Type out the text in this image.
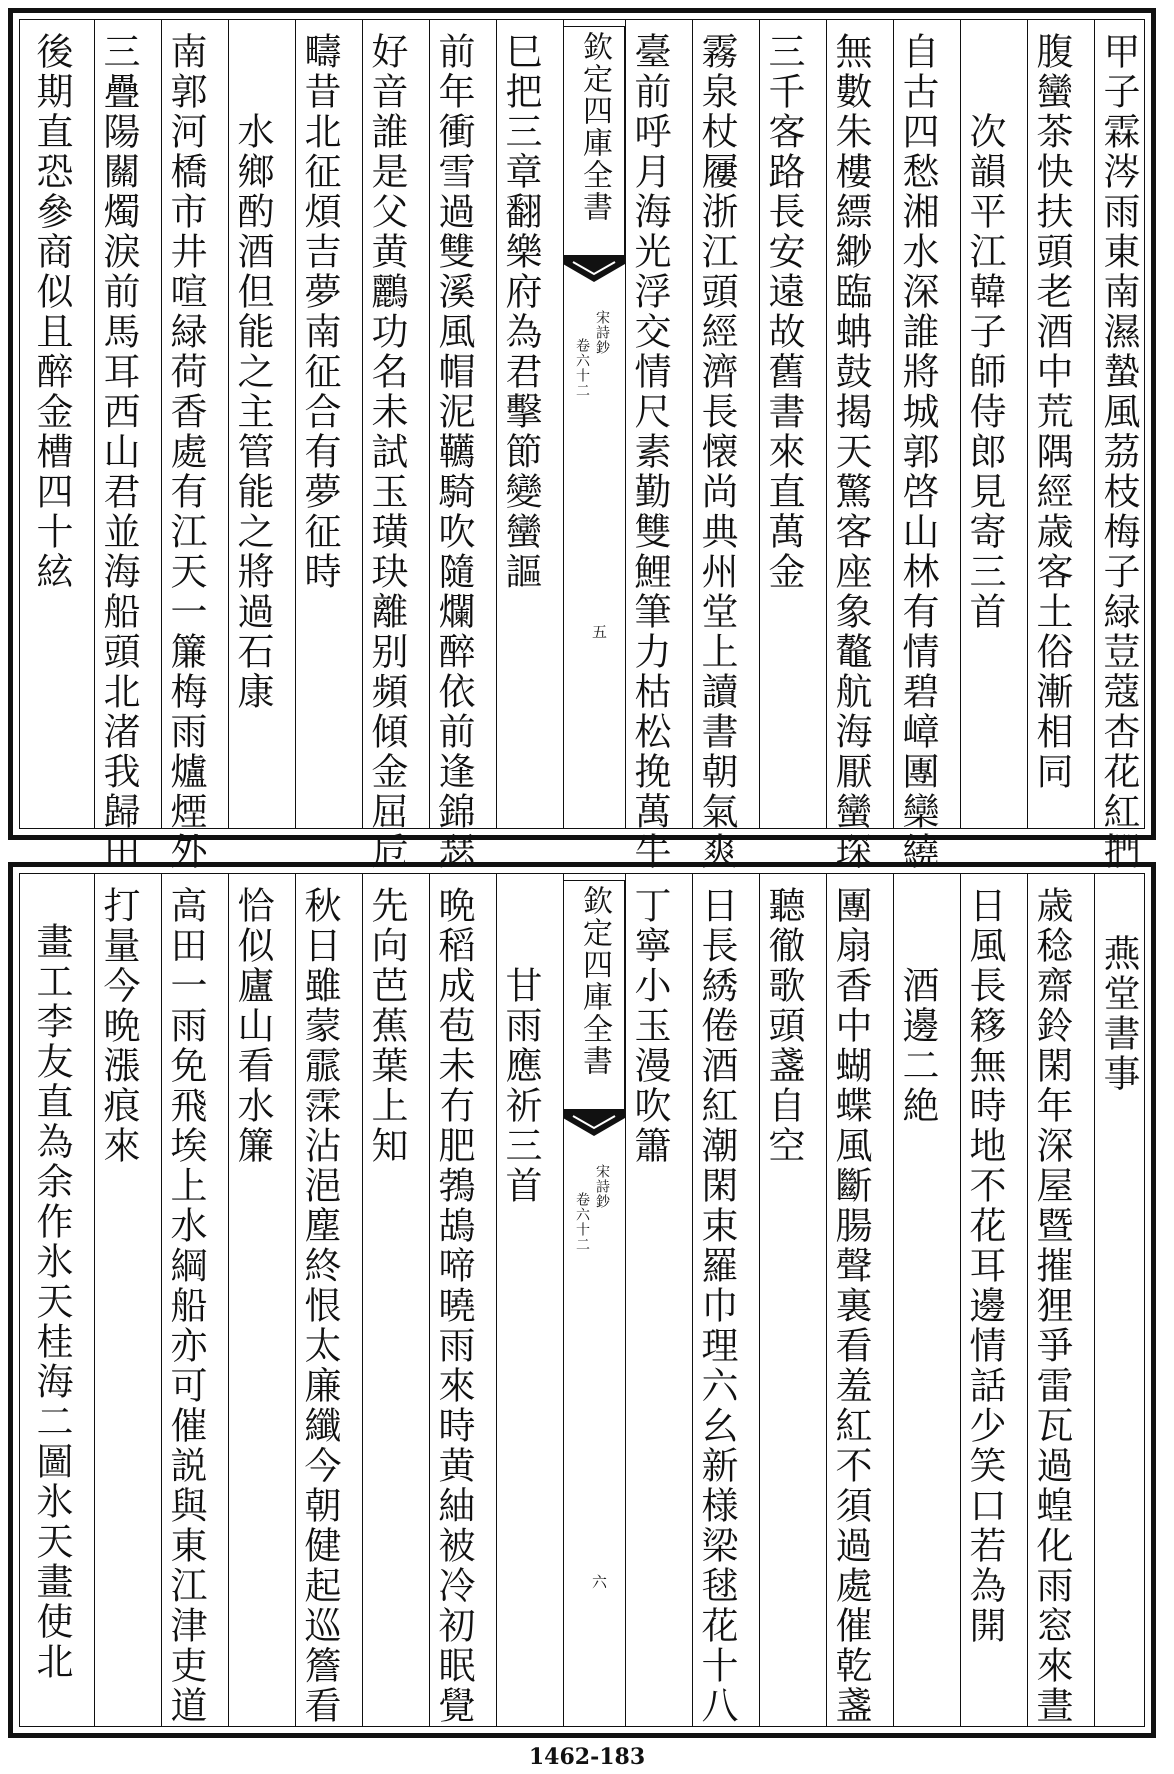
甲子霖涔雨東南濕蟄風茘枝梅子緑荳蔻杏花紅捫
腹蠻茶快扶頭老酒中荒隅經歳客土俗漸相同
次韻平江韓子師侍郎見寄三首
自古四愁湘水深誰將城郭啓山林有情碧嶂團欒繞
無數朱樓縹緲臨蚺鼓揭天驚客座象鼇航海厭蠻琛
三千客路長安遠故舊書來直萬金
霧泉杖屨浙江頭經濟長懐尚典州堂上讀書朝氣爽
臺前呼月海光浮交情尺素勤雙鯉筆力枯松挽萬牛
欽定四庫全書
宋詩鈔
卷六十二
五
巳把三章翻樂府為君擊節變蠻謳
前年衝雪過雙溪風帽泥韉騎吹隨爛醉依前逢錦瑟
好音誰是父黄鸝功名未試玉璜玦離别頻傾金屈卮
疇昔北征煩吉夢南征合有夢征時
水鄉酌酒但能之主管能之將過石康
南郭河橋市井喧緑荷香處有江天一簾梅雨爐煙外
三疊陽關燭淚前馬耳西山君並海船頭北渚我歸田
後期直恐參商似且醉金槽四十絃
燕堂書事
歳稔齋鈴閑年深屋暨摧狸爭雷瓦過蝗化雨窓來晝
日風長簃無時地不花耳邊情話少笑口若為開
酒邊二絶
團扇香中蝴蝶風斷腸聲裏看羞紅不須過處催乾盞
聽徹歌頭盞自空
日長綉倦酒紅潮閑束羅巾理六幺新様梁毬花十八
丁寧小玉漫吹簫
欽定四庫全書
宋詩鈔
卷六十二
六
甘雨應祈三首
晩稻成苞未冇肥鵓鴣啼曉雨來時黄紬被冷初眠覺
先向芭蕉葉上知
秋日雖蒙霢霂沾浥塵終恨太廉纖今朝健起巡簷看
恰似廬山看水簾
高田一雨免飛埃上水綱船亦可催説與東江津吏道
打量今晩漲痕來
畫工李友直為余作氷天桂海二圖氷天畫使北
1462-183
